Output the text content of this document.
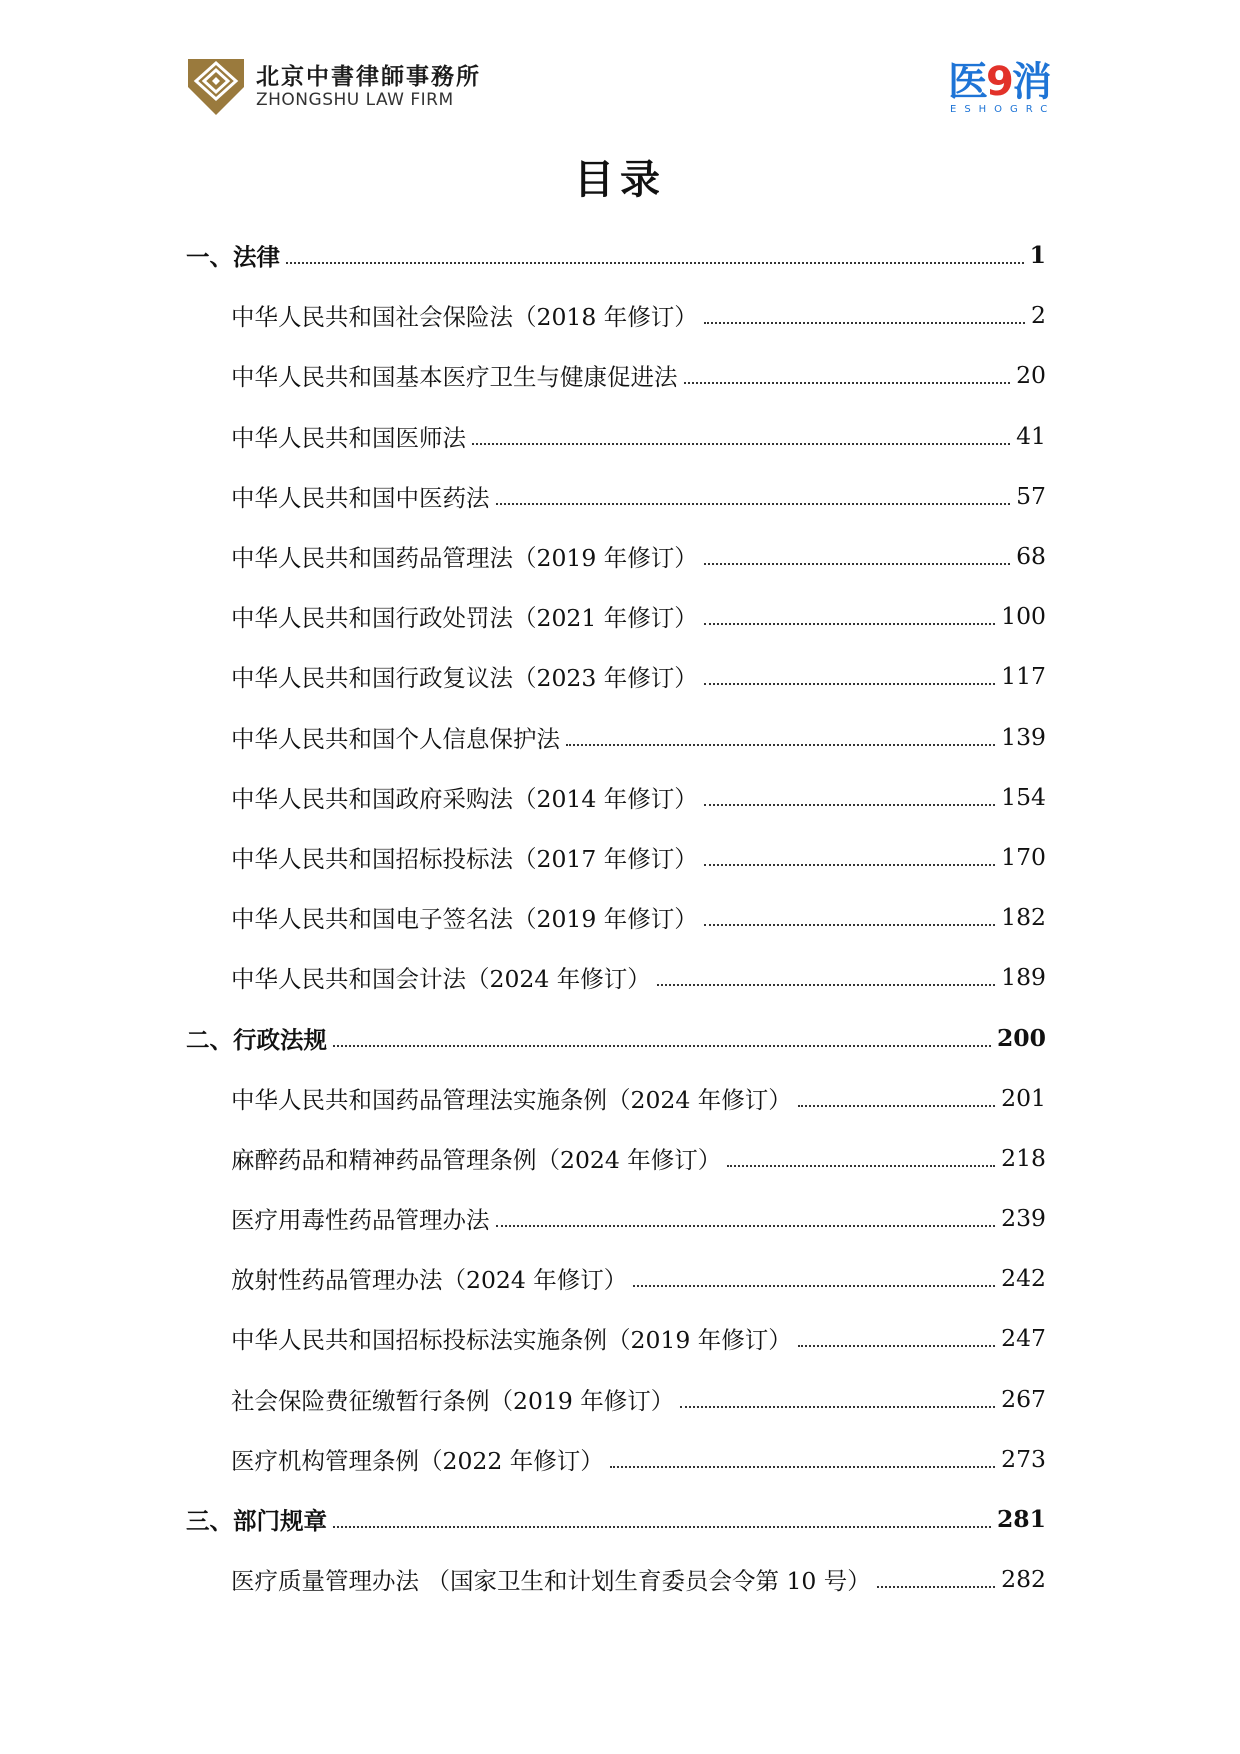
北京中書律師事務所
ZHONGSHU LAW FIRM	医9消
ESHOGRC
目录
一、法律	1
中华人民共和国社会保险法（2018 年修订）	2
中华人民共和国基本医疗卫生与健康促进法	20
中华人民共和国医师法	41
中华人民共和国中医药法	57
中华人民共和国药品管理法（2019 年修订）	68
中华人民共和国行政处罚法（2021 年修订）	100
中华人民共和国行政复议法（2023 年修订）	117
中华人民共和国个人信息保护法	139
中华人民共和国政府采购法（2014 年修订）	154
中华人民共和国招标投标法（2017 年修订）	170
中华人民共和国电子签名法（2019 年修订）	182
中华人民共和国会计法（2024 年修订）	189
二、行政法规	200
中华人民共和国药品管理法实施条例（2024 年修订）	201
麻醉药品和精神药品管理条例（2024 年修订）	218
医疗用毒性药品管理办法	239
放射性药品管理办法（2024 年修订）	242
中华人民共和国招标投标法实施条例（2019 年修订）	247
社会保险费征缴暂行条例（2019 年修订）	267
医疗机构管理条例（2022 年修订）	273
三、部门规章	281
医疗质量管理办法 （国家卫生和计划生育委员会令第 10 号）	282
